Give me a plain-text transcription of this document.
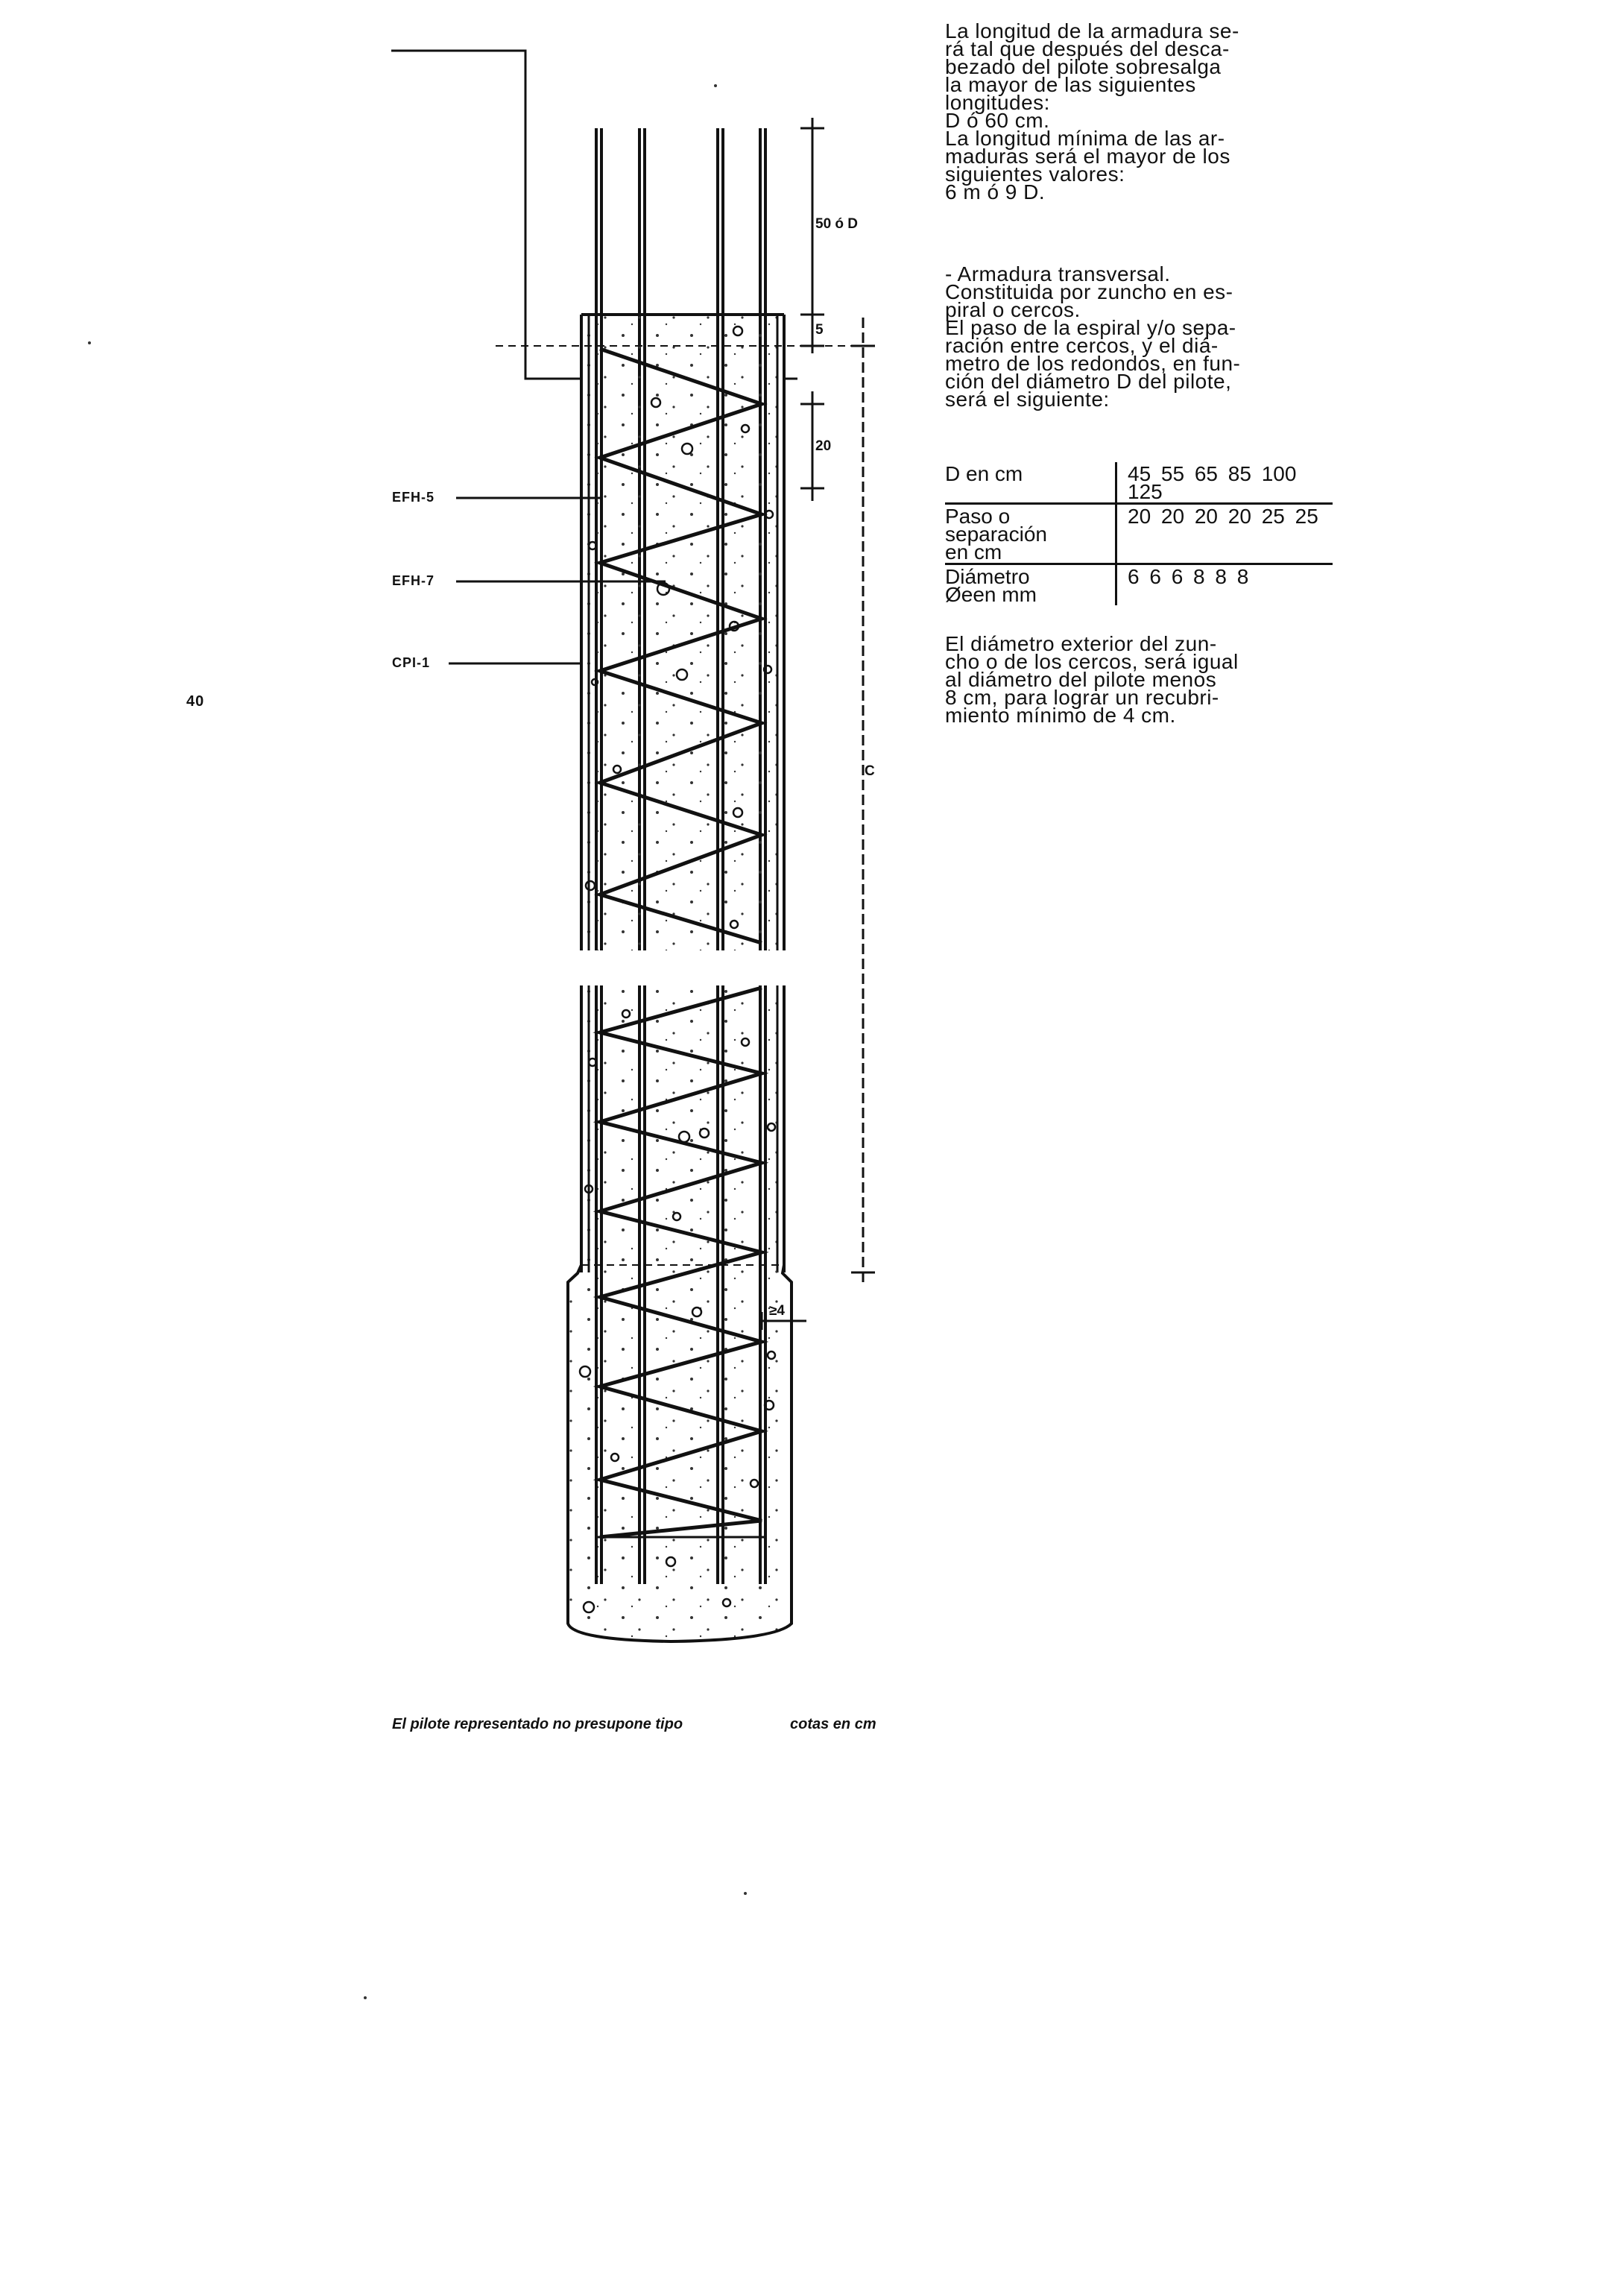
La longitud de la armadura se-
rá tal que después del desca-
bezado del pilote sobresalga
la mayor de las siguientes
longitudes:
D ó 60 cm.
La longitud mínima de las ar-
maduras será el mayor de los
siguientes valores:
6 m ó 9 D.

- Armadura transversal.
Constituida por zuncho en es-
piral o cercos.
El paso de la espiral y/o sepa-
ración entre cercos, y el diá-
metro de los redondos, en fun-
ción del diámetro D del pilote,
será el siguiente:

D en cm	45 55 65 85 100 125
Paso o
separación
en cm	20 20 20 20 25 25
Diámetro
Øeen mm	6 6 6 8 8 8

El diámetro exterior del zun-
cho o de los cercos, será igual
al diámetro del pilote menos
8 cm, para lograr un recubri-
miento mínimo de 4 cm.

EFH-5
EFH-7
CPI-1
40
50 ó D
5
20
C
≥4
El pilote representado no presupone tipo	cotas en cm
